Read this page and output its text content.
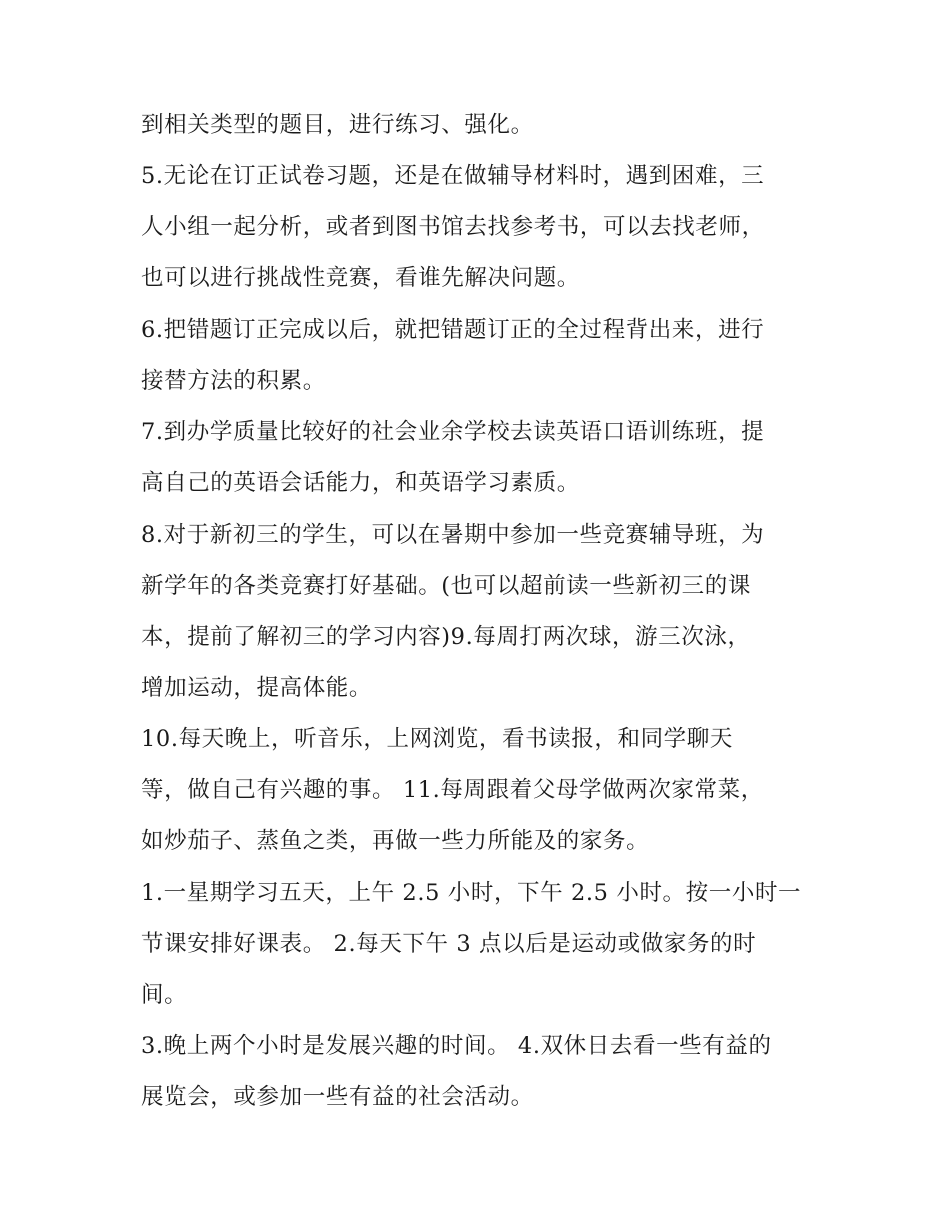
到相关类型的题目，进行练习、强化。
5.无论在订正试卷习题，还是在做辅导材料时，遇到困难，三
人小组一起分析，或者到图书馆去找参考书，可以去找老师，
也可以进行挑战性竞赛，看谁先解决问题。
6.把错题订正完成以后，就把错题订正的全过程背出来，进行
接替方法的积累。
7.到办学质量比较好的社会业余学校去读英语口语训练班，提
高自己的英语会话能力，和英语学习素质。
8.对于新初三的学生，可以在暑期中参加一些竞赛辅导班，为
新学年的各类竞赛打好基础。(也可以超前读一些新初三的课
本，提前了解初三的学习内容)9.每周打两次球，游三次泳，
增加运动，提高体能。
10.每天晚上，听音乐，上网浏览，看书读报，和同学聊天
等，做自己有兴趣的事。 11.每周跟着父母学做两次家常菜，
如炒茄子、蒸鱼之类，再做一些力所能及的家务。
1.一星期学习五天，上午 2.5 小时，下午 2.5 小时。按一小时一
节课安排好课表。 2.每天下午 3 点以后是运动或做家务的时
间。
3.晚上两个小时是发展兴趣的时间。 4.双休日去看一些有益的
展览会，或参加一些有益的社会活动。
